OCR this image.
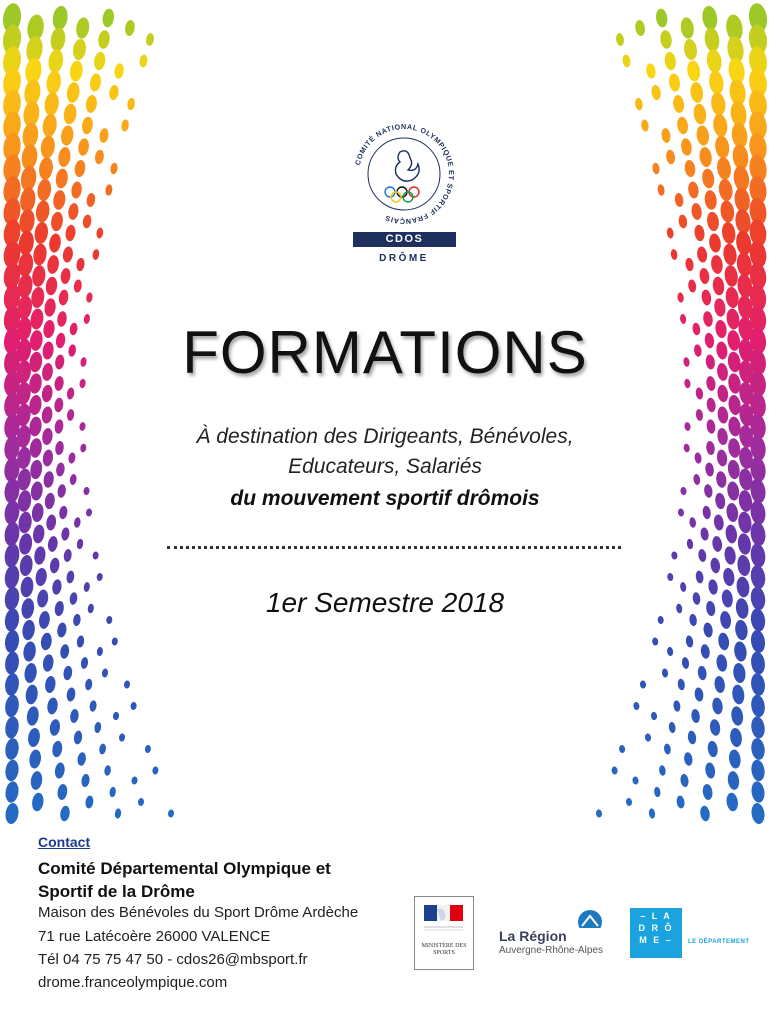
COMITÉ NATIONAL OLYMPIQUE ET SPORTIF FRANÇAIS
CDOS
DRÔME
FORMATIONS
À destination des Dirigeants, Bénévoles,
Educateurs, Salariés
du mouvement sportif drômois
1er Semestre 2018
Contact
Comité Départemental Olympique et
Sportif de la Drôme
Maison des Bénévoles du Sport Drôme Ardèche
71 rue Latécoère 26000 VALENCE
Tél 04 75 75 47 50 - cdos26@mbsport.fr
drome.franceolympique.com
MINISTÈRE DES SPORTS
La Région
Auvergne-Rhône-Alpes
– L A
D R Ô
M E –	LE DÉPARTEMENT
